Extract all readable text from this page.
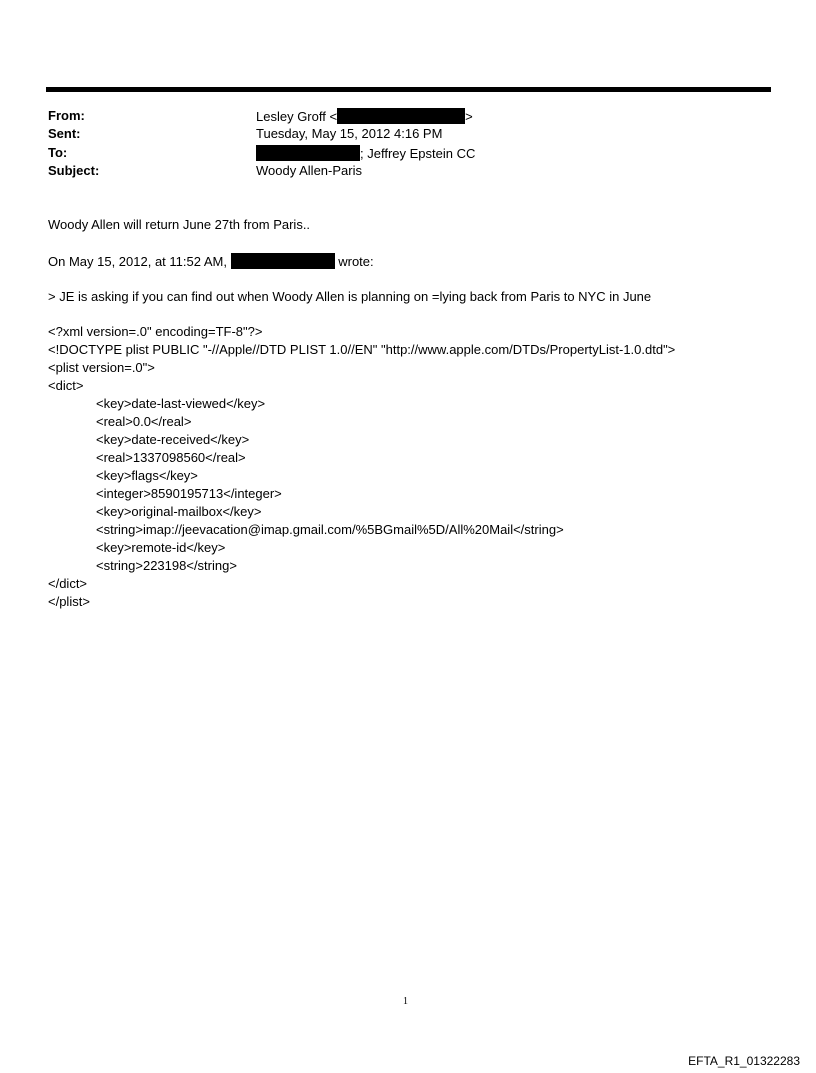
From:	Lesley Groff <	>
Sent:	Tuesday, May 15, 2012 4:16 PM
To:	; Jeffrey Epstein CC
Subject:	Woody Allen-Paris
Woody Allen will return June 27th from Paris..
On May 15, 2012, at 11:52 AM,	wrote:
> JE is asking if you can find out when Woody Allen is planning on =lying back from Paris to NYC in June
<?xml version=.0" encoding=TF-8"?>
<!DOCTYPE plist PUBLIC "-//Apple//DTD PLIST 1.0//EN" "http://www.apple.com/DTDs/PropertyList-1.0.dtd">
<plist version=.0">
<dict>
<key>date-last-viewed</key>
<real>0.0</real>
<key>date-received</key>
<real>1337098560</real>
<key>flags</key>
<integer>8590195713</integer>
<key>original-mailbox</key>
<string>imap://jeevacation@imap.gmail.com/%5BGmail%5D/All%20Mail</string>
<key>remote-id</key>
<string>223198</string>
</dict>
</plist>
1
EFTA_R1_01322283
